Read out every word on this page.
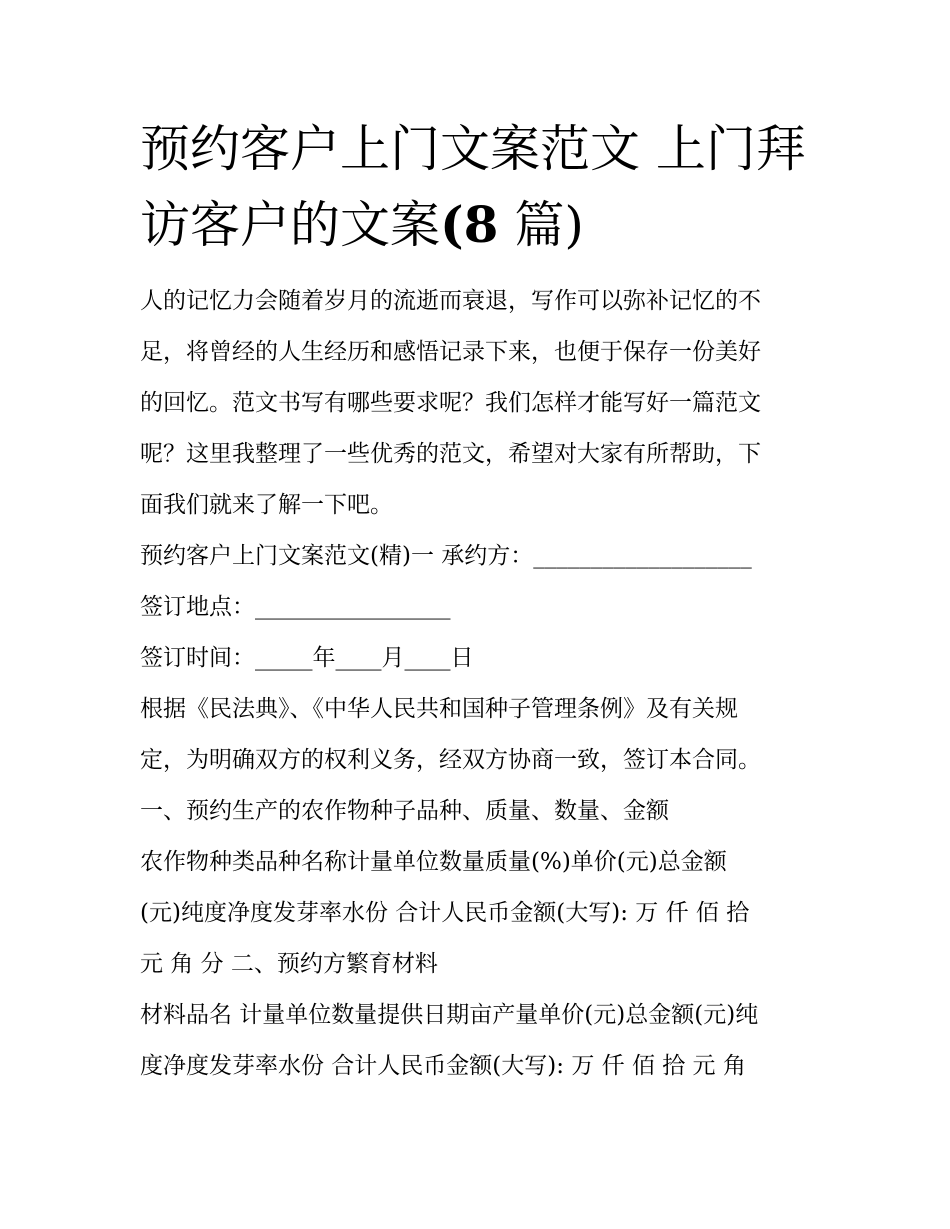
预约客户上门文案范文 上门拜
访客户的文案(8 篇)
人的记忆力会随着岁月的流逝而衰退，写作可以弥补记忆的不
足，将曾经的人生经历和感悟记录下来，也便于保存一份美好
的回忆。范文书写有哪些要求呢？我们怎样才能写好一篇范文
呢？这里我整理了一些优秀的范文，希望对大家有所帮助，下
面我们就来了解一下吧。
预约客户上门文案范文(精)一 承约方：___________________
签订地点：_________________
签订时间：_____年____月____日
根据《民法典》、《中华人民共和国种子管理条例》及有关规
定，为明确双方的权利义务，经双方协商一致，签订本合同。
一、预约生产的农作物种子品种、质量、数量、金额
农作物种类品种名称计量单位数量质量(%)单价(元)总金额
(元)纯度净度发芽率水份 合计人民币金额(大写): 万 仟 佰 拾
元 角 分 二、预约方繁育材料
材料品名 计量单位数量提供日期亩产量单价(元)总金额(元)纯
度净度发芽率水份 合计人民币金额(大写): 万 仟 佰 拾 元 角
